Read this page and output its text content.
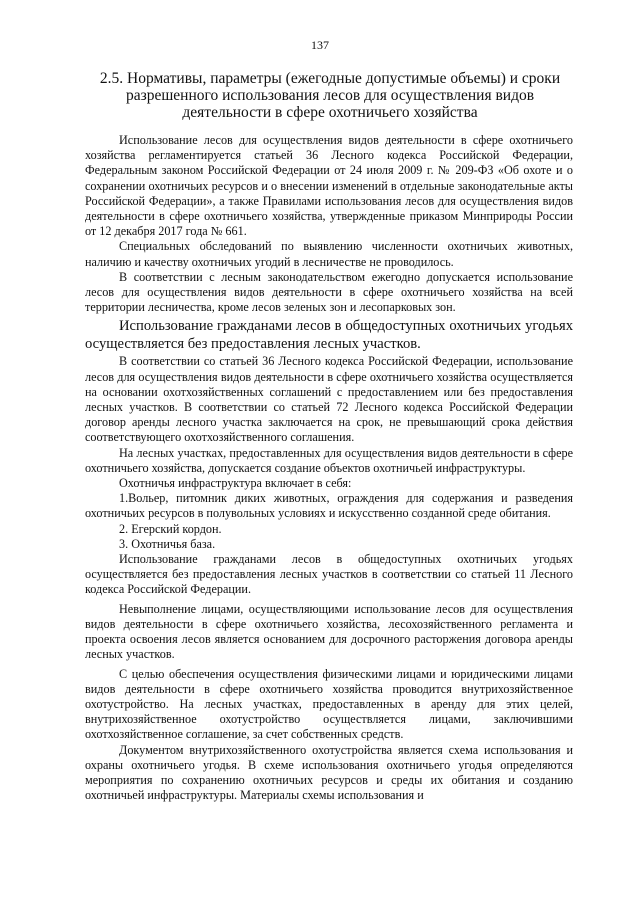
137
2.5. Нормативы, параметры (ежегодные допустимые объемы) и сроки разрешенного использования лесов для осуществления видов деятельности в сфере охотничьего хозяйства

Использование лесов для осуществления видов деятельности в сфере охотничьего хозяйства регламентируется статьей 36 Лесного кодекса Российской Федерации, Федеральным законом Российской Федерации от 24 июля 2009 г. № 209-ФЗ «Об охоте и о сохранении охотничьих ресурсов и о внесении изменений в отдельные законодательные акты Российской Федерации», а также Правилами использования лесов для осуществления видов деятельности в сфере охотничьего хозяйства, утвержденные приказом Минприроды России от 12 декабря 2017 года № 661.

Специальных обследований по выявлению численности охотничьих животных, наличию и качеству охотничьих угодий в лесничестве не проводилось.

В соответствии с лесным законодательством ежегодно допускается использование лесов для осуществления видов деятельности в сфере охотничьего хозяйства на всей территории лесничества, кроме лесов зеленых зон и лесопарковых зон.

Использование гражданами лесов в общедоступных охотничьих угодьях осуществляется без предоставления лесных участков.

В соответствии со статьей 36 Лесного кодекса Российской Федерации, использование лесов для осуществления видов деятельности в сфере охотничьего хозяйства осуществляется на основании охотхозяйственных соглашений с предоставлением или без предоставления лесных участков. В соответствии со статьей 72 Лесного кодекса Российской Федерации договор аренды лесного участка заключается на срок, не превышающий срока действия соответствующего охотхозяйственного соглашения.

На лесных участках, предоставленных для осуществления видов деятельности в сфере охотничьего хозяйства, допускается создание объектов охотничьей инфраструктуры.

Охотничья инфраструктура включает в себя:

1.Вольер, питомник диких животных, ограждения для содержания и разведения охотничьих ресурсов в полувольных условиях и искусственно созданной среде обитания.

2. Егерский кордон.

3. Охотничья база.

Использование гражданами лесов в общедоступных охотничьих угодьях осуществляется без предоставления лесных участков в соответствии со статьей 11 Лесного кодекса Российской Федерации.

Невыполнение лицами, осуществляющими использование лесов для осуществления видов деятельности в сфере охотничьего хозяйства, лесохозяйственного регламента и проекта освоения лесов является основанием для досрочного расторжения договора аренды лесных участков.

С целью обеспечения осуществления физическими лицами и юридическими лицами видов деятельности в сфере охотничьего хозяйства проводится внутрихозяйственное охотустройство. На лесных участках, предоставленных в аренду для этих целей, внутрихозяйственное охотустройство осуществляется лицами, заключившими охотхозяйственное соглашение, за счет собственных средств.

Документом внутрихозяйственного охотустройства является схема использования и охраны охотничьего угодья. В схеме использования охотничьего угодья определяются мероприятия по сохранению охотничьих ресурсов и среды их обитания и созданию охотничьей инфраструктуры. Материалы схемы использования и
